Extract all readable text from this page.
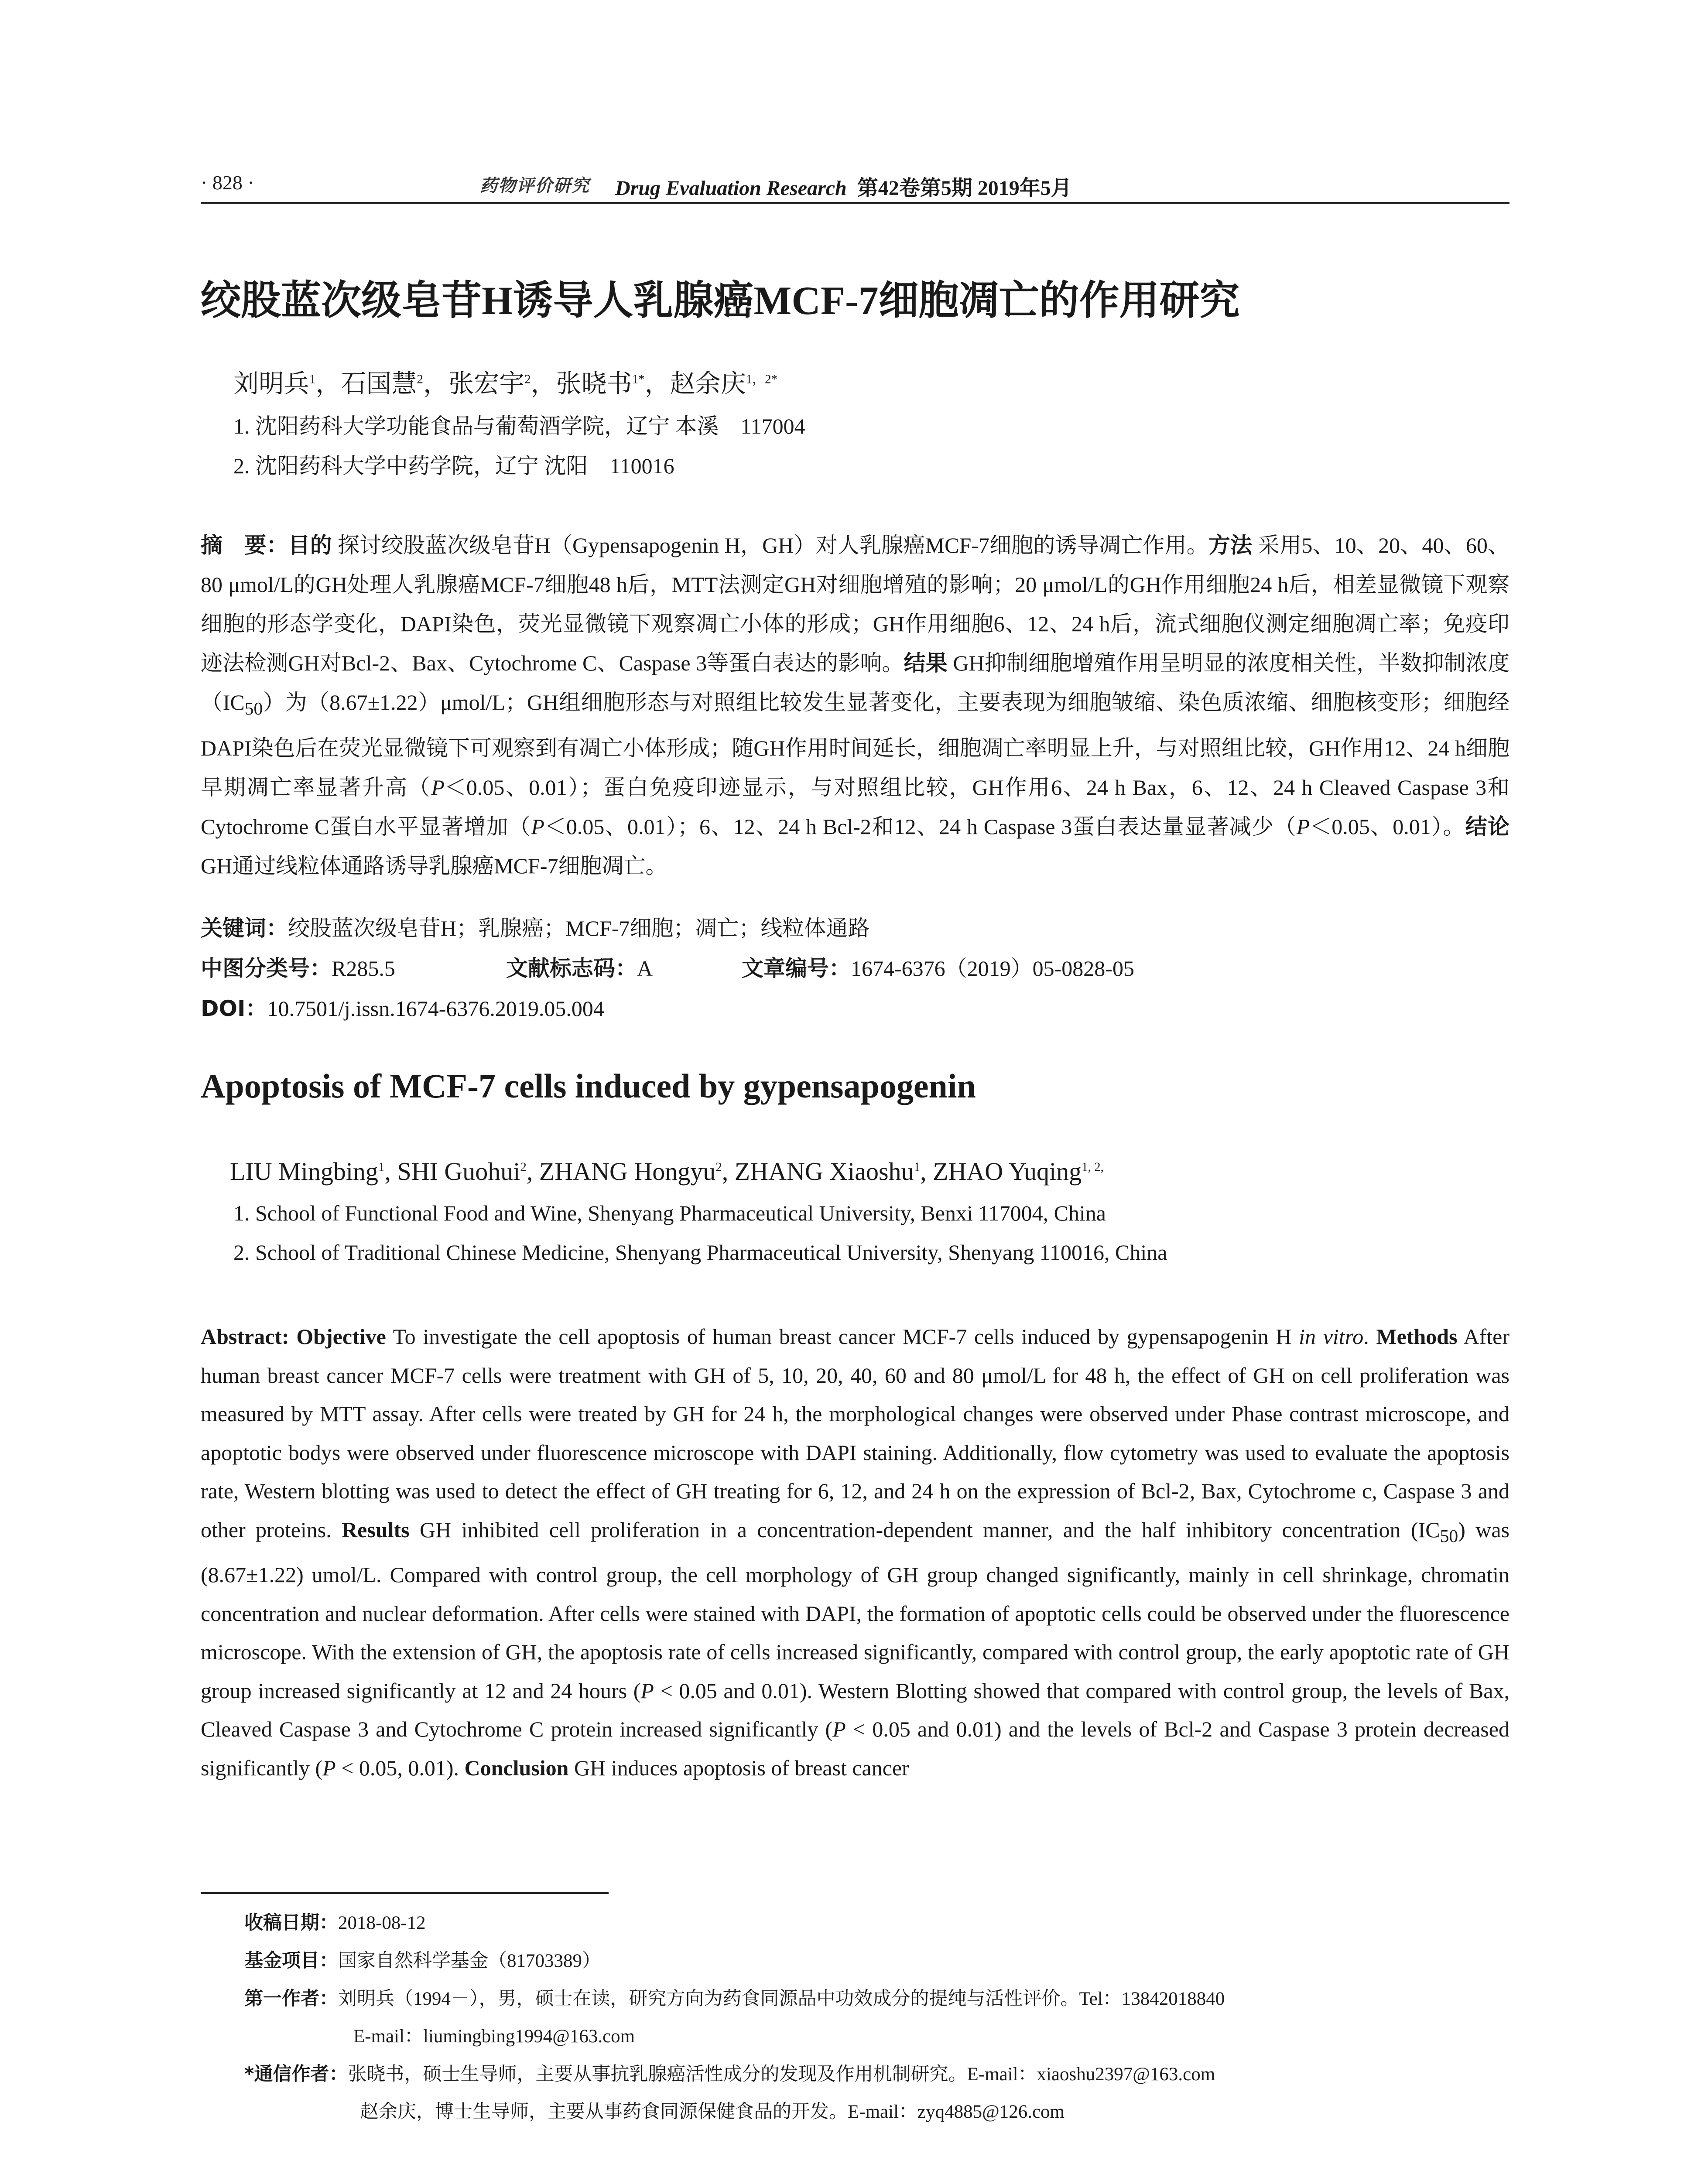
· 828 ·	药物评价研究 Drug Evaluation Research 第42卷第5期 2019年5月
绞股蓝次级皂苷H诱导人乳腺癌MCF-7细胞凋亡的作用研究
刘明兵$^1$，石国慧$^2$，张宏宇$^2$，张晓书$^{1*}$，赵余庆$^{1,2*}$
1. 沈阳药科大学功能食品与葡萄酒学院，辽宁 本溪　117004
2. 沈阳药科大学中药学院，辽宁 沈阳　110016
摘　要：目的 探讨绞股蓝次级皂苷H（Gypensapogenin H，GH）对人乳腺癌MCF-7细胞的诱导凋亡作用。方法 采用5、10、20、40、60、80 μmol/L的GH处理人乳腺癌MCF-7细胞48 h后，MTT法测定GH对细胞增殖的影响；20 μmol/L的GH作用细胞24 h后，相差显微镜下观察细胞的形态学变化，DAPI染色，荧光显微镜下观察凋亡小体的形成；GH作用细胞6、12、24 h后，流式细胞仪测定细胞凋亡率；免疫印迹法检测GH对Bcl-2、Bax、Cytochrome C、Caspase 3等蛋白表达的影响。结果 GH抑制细胞增殖作用呈明显的浓度相关性，半数抑制浓度$(IC_{50})$为（8.67±1.22）μmol/L；GH组细胞形态与对照组比较发生显著变化，主要表现为细胞皱缩、染色质浓缩、细胞核变形；细胞经DAPI染色后在荧光显微镜下可观察到有凋亡小体形成；随GH作用时间延长，细胞凋亡率明显上升，与对照组比较，GH作用12、24 h细胞早期凋亡率显著升高（P＜0.05、0.01）；蛋白免疫印迹显示，与对照组比较，GH作用6、24 h Bax，6、12、24 h Cleaved Caspase 3和Cytochrome C蛋白水平显著增加（P＜0.05、0.01）；6、12、24 h Bcl-2和12、24 h Caspase 3蛋白表达量显著减少（P＜0.05、0.01）。结论 GH通过线粒体通路诱导乳腺癌MCF-7细胞凋亡。
关键词：绞股蓝次级皂苷H；乳腺癌；MCF-7细胞；凋亡；线粒体通路
中图分类号：R285.5	文献标志码：A	文章编号：1674-6376（2019）05-0828-05
DOI：10.7501/j.issn.1674-6376.2019.05.004
Apoptosis of MCF-7 cells induced by gypensapogenin
LIU Mingbing$^1$, SHI Guohui$^2$, ZHANG Hongyu$^2$, ZHANG Xiaoshu$^1$, ZHAO Yuqing$^{1, 2,}$
1. School of Functional Food and Wine, Shenyang Pharmaceutical University, Benxi 117004, China
2. School of Traditional Chinese Medicine, Shenyang Pharmaceutical University, Shenyang 110016, China
Abstract: Objective To investigate the cell apoptosis of human breast cancer MCF-7 cells induced by gypensapogenin H in vitro. Methods After human breast cancer MCF-7 cells were treatment with GH of 5, 10, 20, 40, 60 and 80 μmol/L for 48 h, the effect of GH on cell proliferation was measured by MTT assay. After cells were treated by GH for 24 h, the morphological changes were observed under Phase contrast microscope, and apoptotic bodys were observed under fluorescence microscope with DAPI staining. Additionally, flow cytometry was used to evaluate the apoptosis rate, Western blotting was used to detect the effect of GH treating for 6, 12, and 24 h on the expression of Bcl-2, Bax, Cytochrome c, Caspase 3 and other proteins. Results GH inhibited cell proliferation in a concentration-dependent manner, and the half inhibitory concentration $(IC_{50})$ was (8.67±1.22) umol/L. Compared with control group, the cell morphology of GH group changed significantly, mainly in cell shrinkage, chromatin concentration and nuclear deformation. After cells were stained with DAPI, the formation of apoptotic cells could be observed under the fluorescence microscope. With the extension of GH, the apoptosis rate of cells increased significantly, compared with control group, the early apoptotic rate of GH group increased significantly at 12 and 24 hours (P < 0.05 and 0.01). Western Blotting showed that compared with control group, the levels of Bax, Cleaved Caspase 3 and Cytochrome C protein increased significantly (P < 0.05 and 0.01) and the levels of Bcl-2 and Caspase 3 protein decreased significantly (P < 0.05, 0.01). Conclusion GH induces apoptosis of breast cancer
收稿日期：2018-08-12
基金项目：国家自然科学基金（81703389）
第一作者：刘明兵（1994－），男，硕士在读，研究方向为药食同源品中功效成分的提纯与活性评价。Tel：13842018840
E-mail：liumingbing1994@163.com
*通信作者：张晓书，硕士生导师，主要从事抗乳腺癌活性成分的发现及作用机制研究。E-mail：xiaoshu2397@163.com
赵余庆，博士生导师，主要从事药食同源保健食品的开发。E-mail：zyq4885@126.com
